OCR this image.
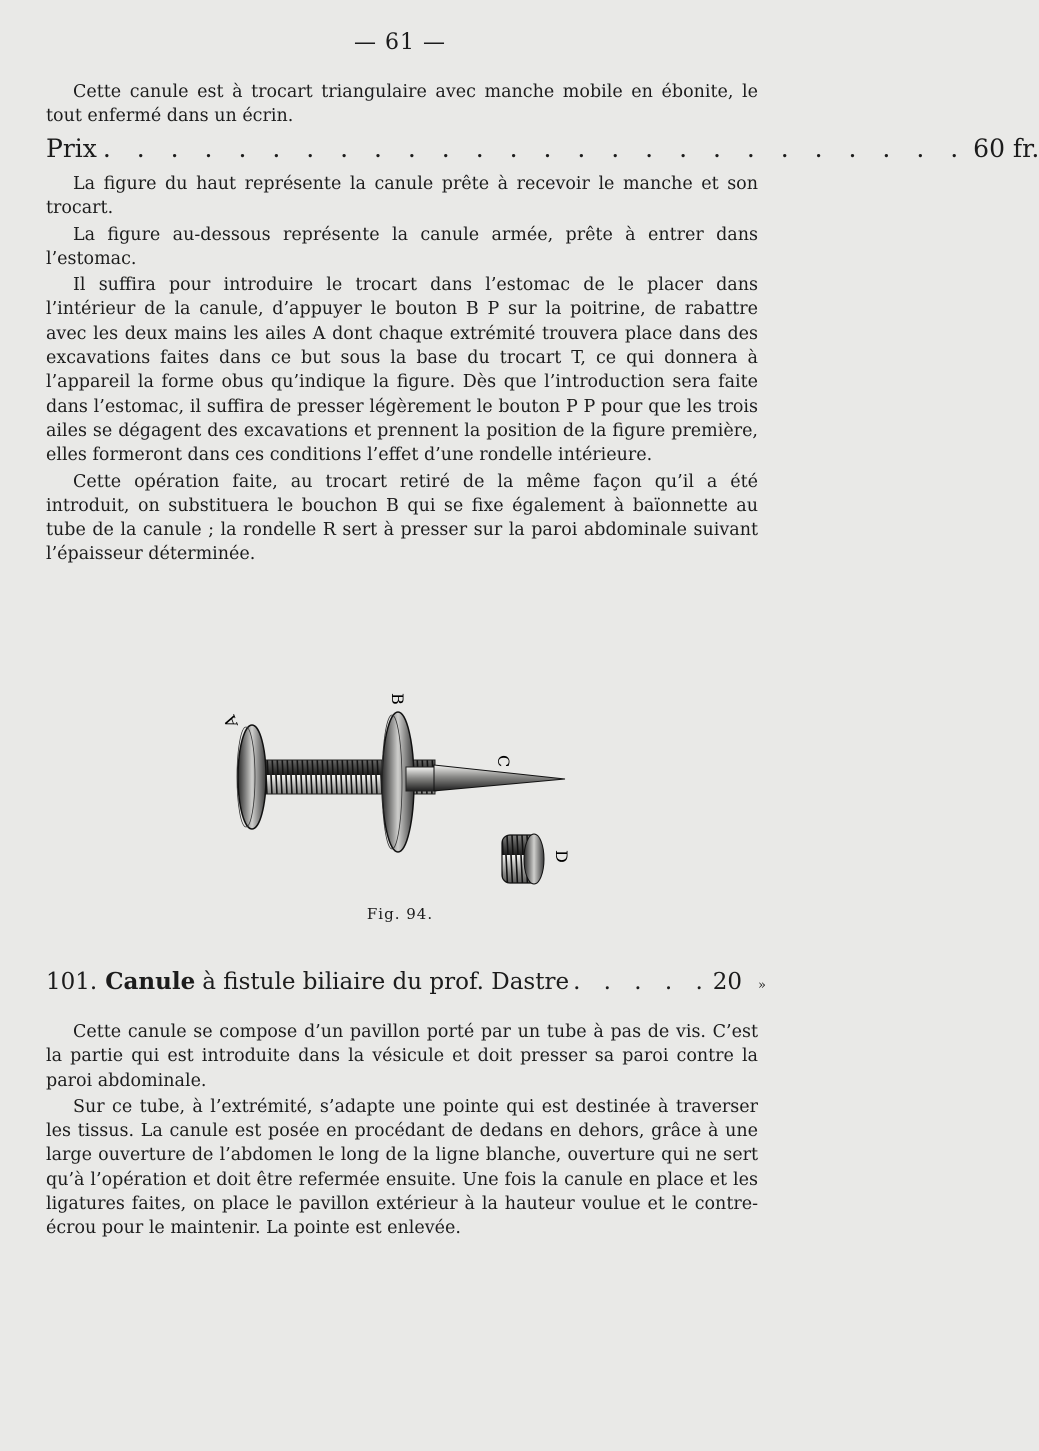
— 61 —

Cette canule est à trocart triangulaire avec manche mobile en ébonite, le tout enfermé dans un écrin.

Prix . . . . . . . . . . . . . . . . . . . . . . . . . . 60 fr.

La figure du haut représente la canule prête à recevoir le manche et son trocart.

La figure au-dessous représente la canule armée, prête à entrer dans l’estomac.

Il suffira pour introduire le trocart dans l’estomac de le placer dans l’intérieur de la canule, d’appuyer le bouton B P sur la poitrine, de rabattre avec les deux mains les ailes A dont chaque extrémité trouvera place dans des excavations faites dans ce but sous la base du trocart T, ce qui donnera à l’appareil la forme obus qu’indique la figure. Dès que l’introduction sera faite dans l’estomac, il suffira de presser légèrement le bouton P P pour que les trois ailes se dégagent des excavations et prennent la position de la figure première, elles formeront dans ces conditions l’effet d’une rondelle intérieure.

Cette opération faite, au trocart retiré de la même façon qu’il a été introduit, on substituera le bouchon B qui se fixe également à baïonnette au tube de la canule ; la rondelle R sert à presser sur la paroi abdominale suivant l’épaisseur déterminée.

A
B
C
D
Fig. 94.
101. Canule à fistule biliaire du prof. Dastre . . . . . 20 »

Cette canule se compose d’un pavillon porté par un tube à pas de vis. C’est la partie qui est introduite dans la vésicule et doit presser sa paroi contre la paroi abdominale.

Sur ce tube, à l’extrémité, s’adapte une pointe qui est destinée à traverser les tissus. La canule est posée en procédant de dedans en dehors, grâce à une large ouverture de l’abdomen le long de la ligne blanche, ouverture qui ne sert qu’à l’opération et doit être refermée ensuite. Une fois la canule en place et les ligatures faites, on place le pavillon extérieur à la hauteur voulue et le contre-écrou pour le maintenir. La pointe est enlevée.
